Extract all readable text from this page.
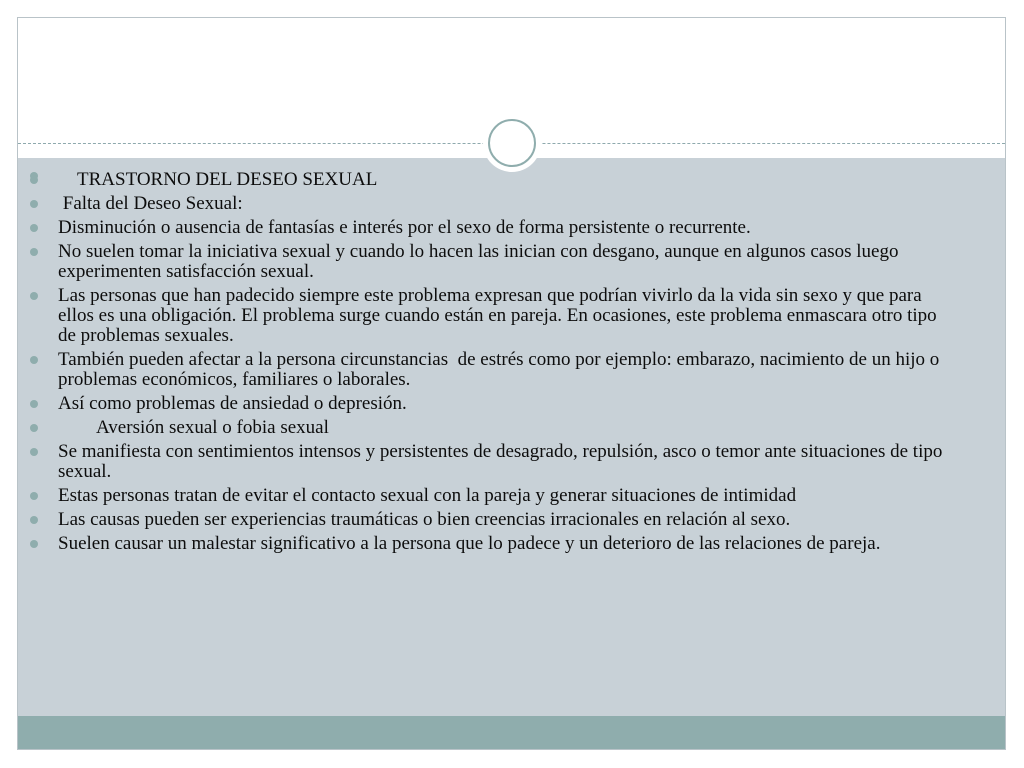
TRASTORNO DEL DESEO SEXUAL
Falta del Deseo Sexual:
Disminución o ausencia de fantasías e interés por el sexo de forma persistente o recurrente.
No suelen tomar la iniciativa sexual y cuando lo hacen las inician con desgano, aunque en algunos casos luego experimenten satisfacción sexual.
Las personas que han padecido siempre este problema expresan que podrían vivirlo da la vida sin sexo y que para ellos es una obligación. El problema surge cuando están en pareja. En ocasiones, este problema enmascara otro tipo de problemas sexuales.
También pueden afectar a la persona circunstancias  de estrés como por ejemplo: embarazo, nacimiento de un hijo o problemas económicos, familiares o laborales.
Así como problemas de ansiedad o depresión.
Aversión sexual o fobia sexual
Se manifiesta con sentimientos intensos y persistentes de desagrado, repulsión, asco o temor ante situaciones de tipo sexual.
Estas personas tratan de evitar el contacto sexual con la pareja y generar situaciones de intimidad
Las causas pueden ser experiencias traumáticas o bien creencias irracionales en relación al sexo.
Suelen causar un malestar significativo a la persona que lo padece y un deterioro de las relaciones de pareja.
